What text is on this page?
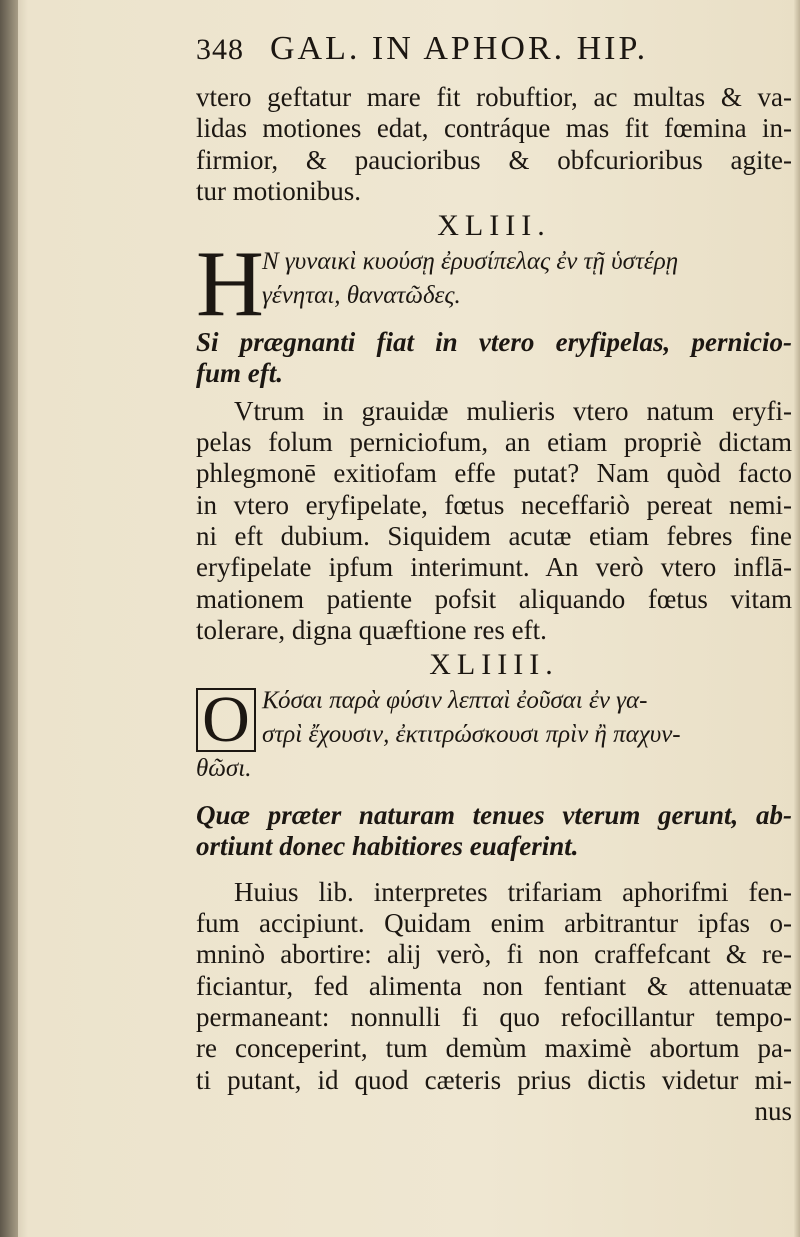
348 GAL. IN APHOR. HIP.
vtero geftatur mare fit robuftior, ac multas & va-
lidas motiones edat, contráque mas fit fœmina in-
firmior, & paucioribus & obfcurioribus agite-
tur motionibus.
XLIII.
H
N γυναικὶ κυούσῃ ἐρυσίπελας ἐν τῇ ὑστέρῃ
γένηται, θανατῶδες.
Si prægnanti fiat in vtero eryfipelas, pernicio-
fum eft.
Vtrum in grauidæ mulieris vtero natum eryfi-
pelas folum perniciofum, an etiam propriè dictam
phlegmonē exitiofam effe putat? Nam quòd facto
in vtero eryfipelate, fœtus neceffariò pereat nemi-
ni eft dubium. Siquidem acutæ etiam febres fine
eryfipelate ipfum interimunt. An verò vtero inflā-
mationem patiente pofsit aliquando fœtus vitam
tolerare, digna quæftione res eft.
XLIIII.
O Κόσαι παρὰ φύσιν λεπταὶ ἐοῦσαι ἐν γα-
στρὶ ἔχουσιν, ἐκτιτρώσκουσι πρὶν ἢ παχυν-
θῶσι.
Quæ præter naturam tenues vterum gerunt, ab-
ortiunt donec habitiores euaferint.
Huius lib. interpretes trifariam aphorifmi fen-
fum accipiunt. Quidam enim arbitrantur ipfas o-
mninò abortire: alij verò, fi non craffefcant & re-
ficiantur, fed alimenta non fentiant & attenuatæ
permaneant: nonnulli fi quo refocillantur tempo-
re conceperint, tum demùm maximè abortum pa-
ti putant, id quod cæteris prius dictis videtur mi-
nus
